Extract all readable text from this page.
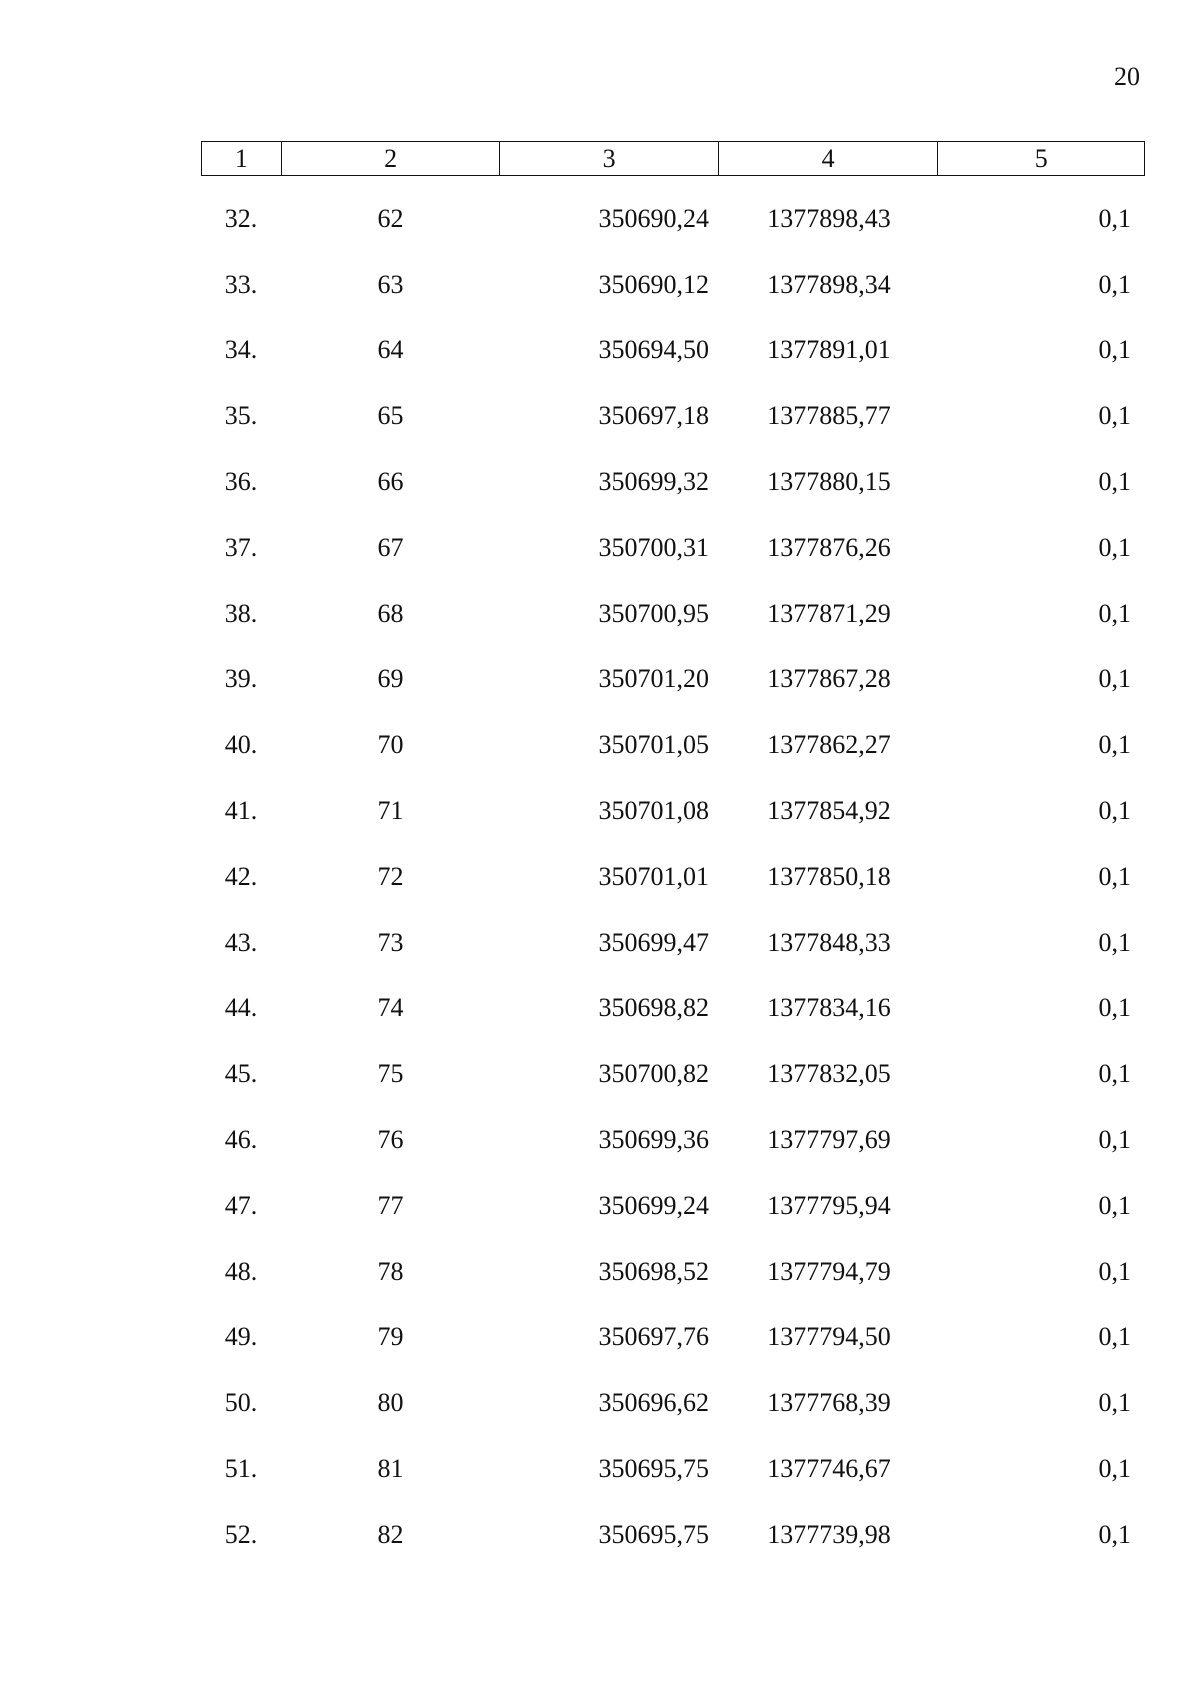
20
1	2	3	4	5
32.	62	350690,24	1377898,43	0,1
33.	63	350690,12	1377898,34	0,1
34.	64	350694,50	1377891,01	0,1
35.	65	350697,18	1377885,77	0,1
36.	66	350699,32	1377880,15	0,1
37.	67	350700,31	1377876,26	0,1
38.	68	350700,95	1377871,29	0,1
39.	69	350701,20	1377867,28	0,1
40.	70	350701,05	1377862,27	0,1
41.	71	350701,08	1377854,92	0,1
42.	72	350701,01	1377850,18	0,1
43.	73	350699,47	1377848,33	0,1
44.	74	350698,82	1377834,16	0,1
45.	75	350700,82	1377832,05	0,1
46.	76	350699,36	1377797,69	0,1
47.	77	350699,24	1377795,94	0,1
48.	78	350698,52	1377794,79	0,1
49.	79	350697,76	1377794,50	0,1
50.	80	350696,62	1377768,39	0,1
51.	81	350695,75	1377746,67	0,1
52.	82	350695,75	1377739,98	0,1
